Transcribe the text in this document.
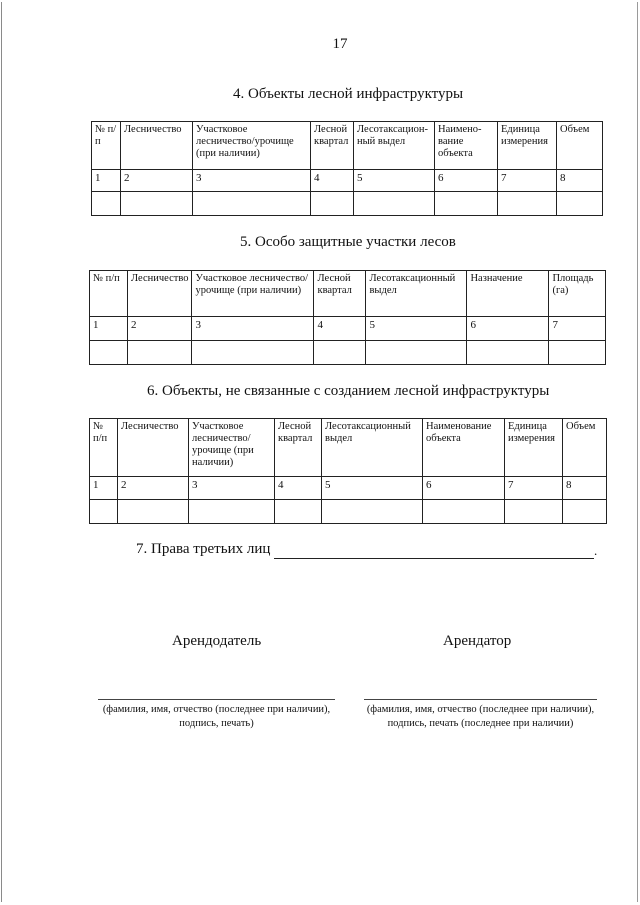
17
4. Объекты лесной инфраструктуры
№ п/п	Лесничество	Участковое лесничество/урочище (при наличии)	Лесной квартал	Лесотаксацион-ный выдел	Наимено-вание объекта	Единица измерения	Объем
1	2	3	4	5	6	7	8

5. Особо защитные участки лесов
№ п/п	Лесничество	Участковое лесничество/урочище (при наличии)	Лесной квартал	Лесотаксационный выдел	Назначение	Площадь (га)
1	2	3	4	5	6	7

6. Объекты, не связанные с созданием лесной инфраструктуры
№ п/п	Лесничество	Участковое лесничество/ урочище (при наличии)	Лесной квартал	Лесотаксационный выдел	Наименование объекта	Единица измерения	Объем
1	2	3	4	5	6	7	8

7. Права третьих лиц	.
Арендодатель	Арендатор
(фамилия, имя, отчество (последнее при наличии),
подпись, печать)
(фамилия, имя, отчество (последнее при наличии),
подпись, печать (последнее при наличии)
